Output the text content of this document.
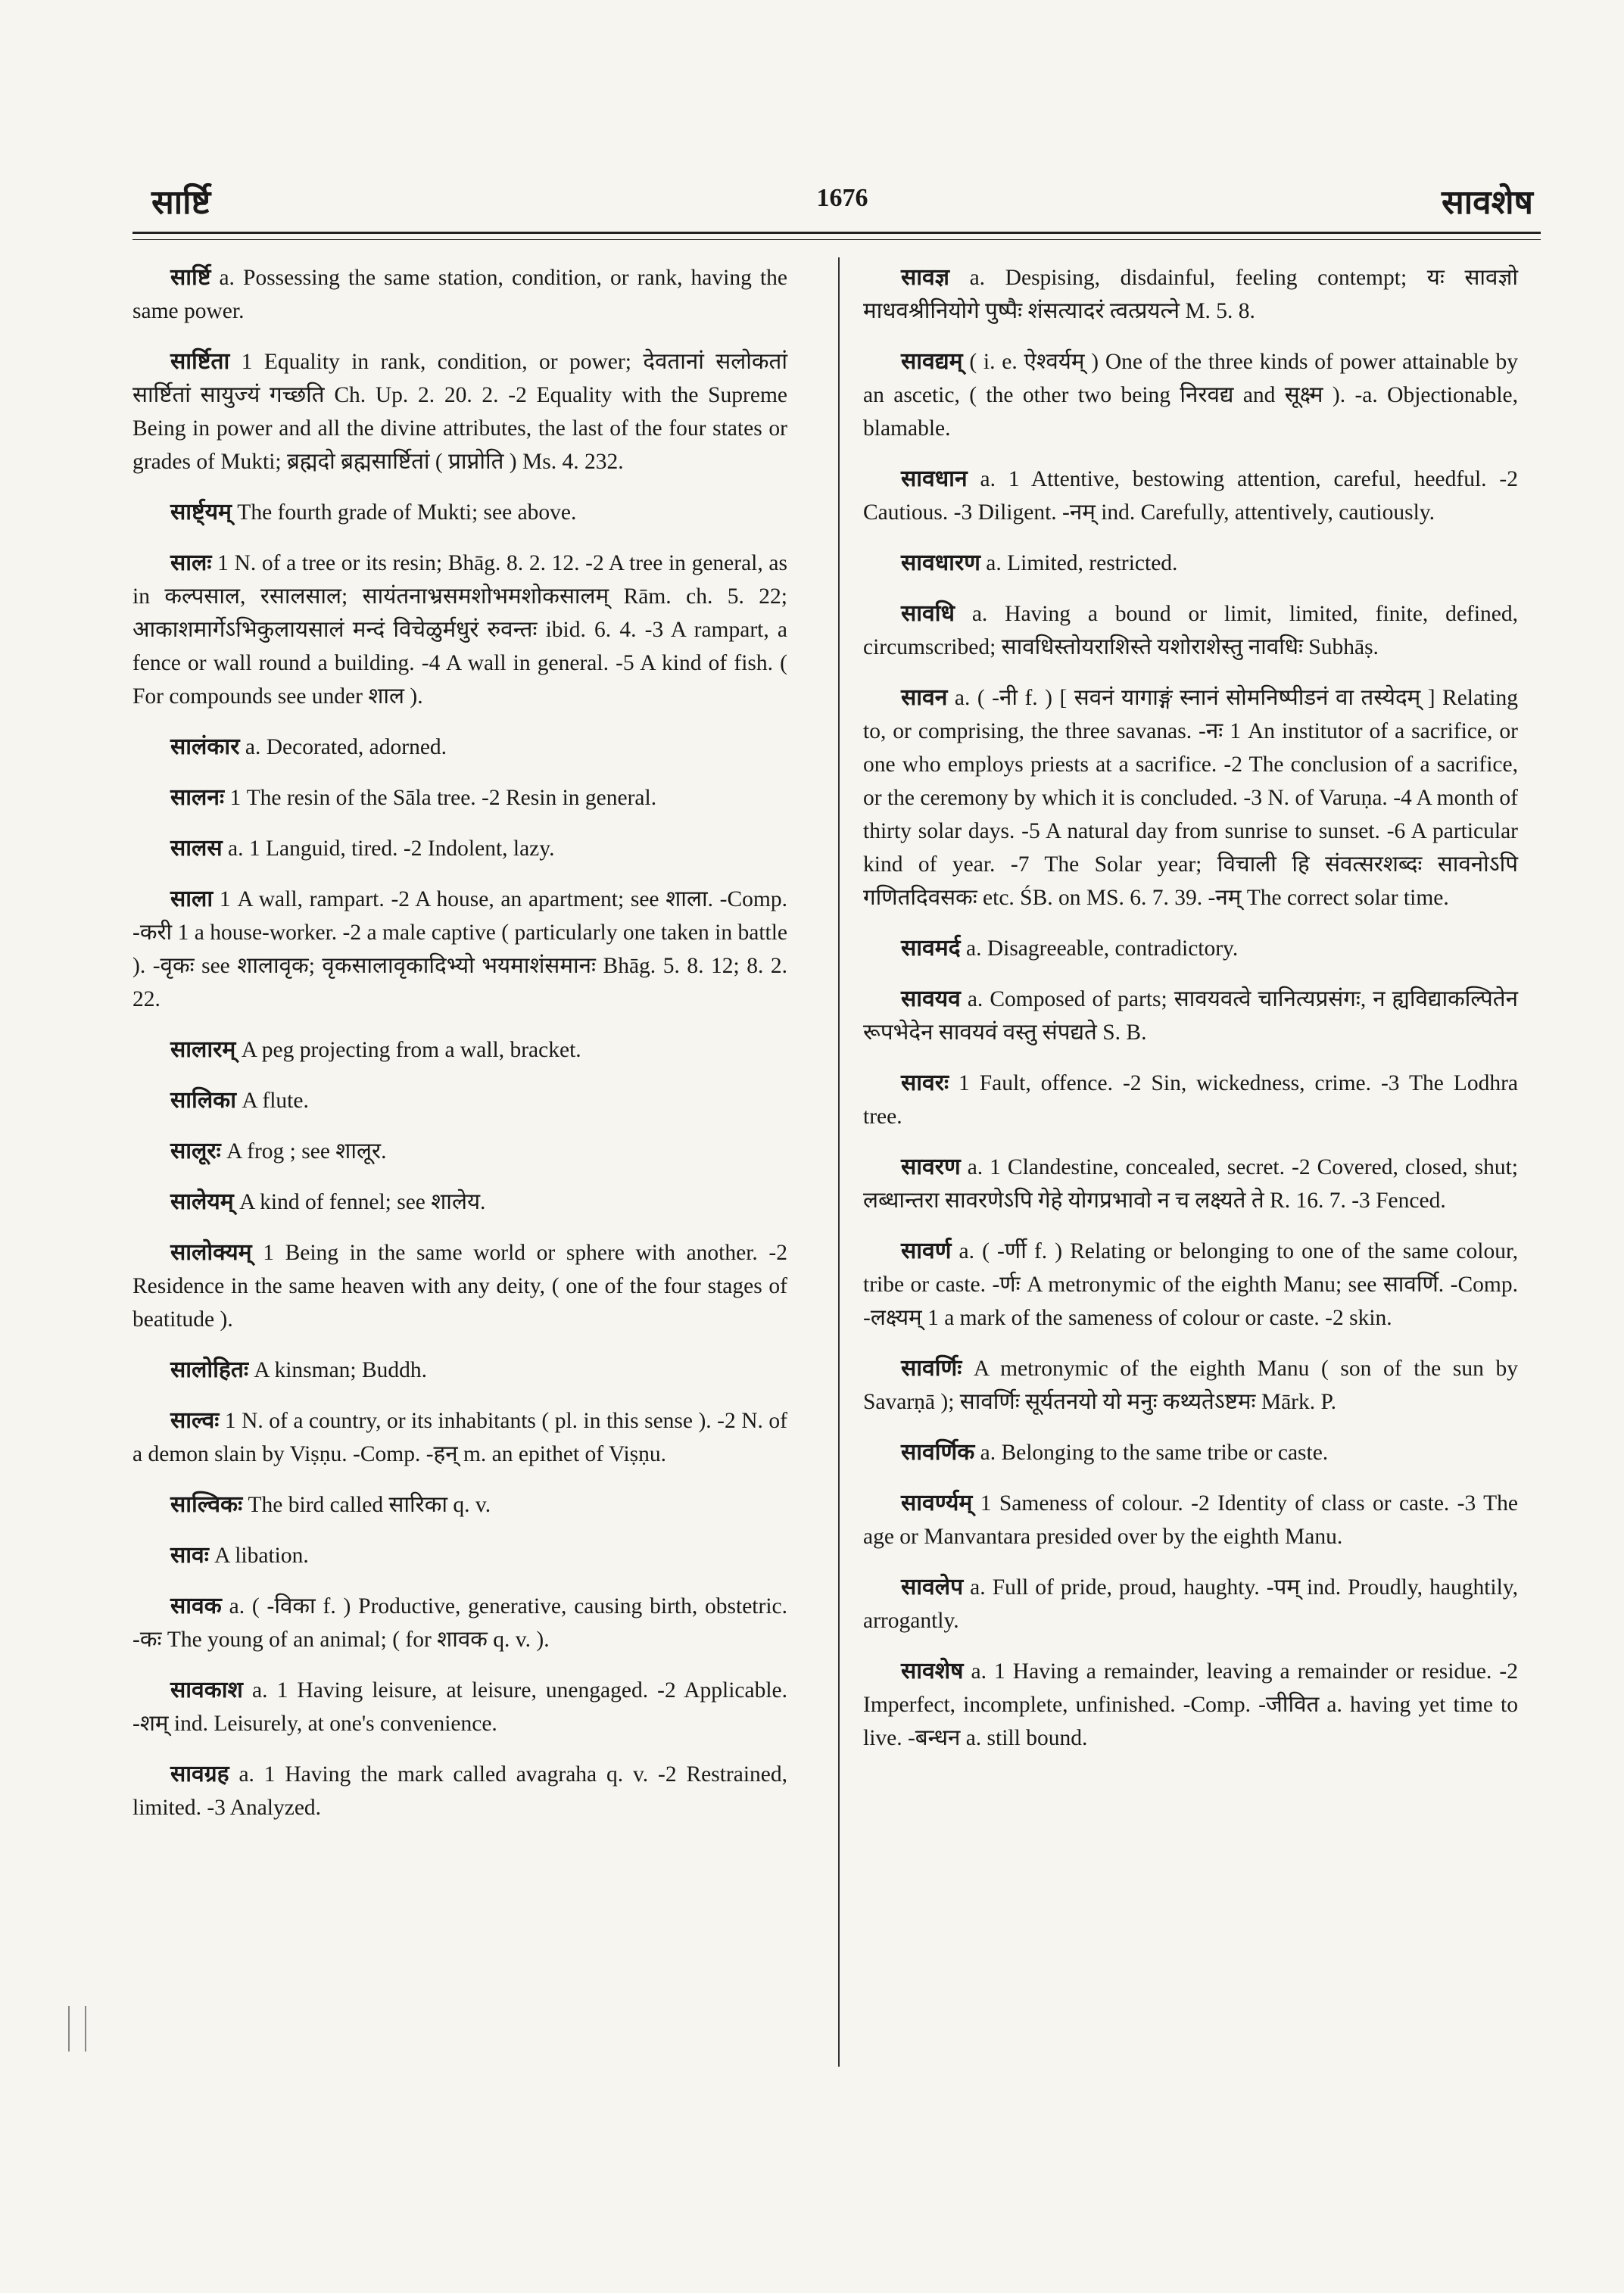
सार्ष्टि	1676	सावशेष

सार्ष्टि a. Possessing the same station, condition, or rank, having the same power.

सार्ष्टिता 1 Equality in rank, condition, or power; देवतानां सलोकतां सार्ष्टितां सायुज्यं गच्छति Ch. Up. 2. 20. 2. -2 Equality with the Supreme Being in power and all the divine attributes, the last of the four states or grades of Mukti; ब्रह्मदो ब्रह्मसार्ष्टितां ( प्राप्नोति ) Ms. 4. 232.

सार्ष्ट्यम् The fourth grade of Mukti; see above.

सालः 1 N. of a tree or its resin; Bhāg. 8. 2. 12. -2 A tree in general, as in कल्पसाल, रसालसाल; सायंतनाभ्रसमशोभमशोकसालम् Rām. ch. 5. 22; आकाशमार्गेऽभिकुलायसालं मन्दं विचेळुर्मधुरं रुवन्तः ibid. 6. 4. -3 A rampart, a fence or wall round a building. -4 A wall in general. -5 A kind of fish. ( For compounds see under शाल ).

सालंकार a. Decorated, adorned.

सालनः 1 The resin of the Sāla tree. -2 Resin in general.

सालस a. 1 Languid, tired. -2 Indolent, lazy.

साला 1 A wall, rampart. -2 A house, an apartment; see शाला. -Comp. -करी 1 a house-worker. -2 a male captive ( particularly one taken in battle ). -वृकः see शालावृक; वृकसालावृकादिभ्यो भयमाशंसमानः Bhāg. 5. 8. 12; 8. 2. 22.

सालारम् A peg projecting from a wall, bracket.

सालिका A flute.

सालूरः A frog ; see शालूर.

सालेयम् A kind of fennel; see शालेय.

सालोक्यम् 1 Being in the same world or sphere with another. -2 Residence in the same heaven with any deity, ( one of the four stages of beatitude ).

सालोहितः A kinsman; Buddh.

साल्वः 1 N. of a country, or its inhabitants ( pl. in this sense ). -2 N. of a demon slain by Viṣṇu. -Comp. -हन् m. an epithet of Viṣṇu.

साल्विकः The bird called सारिका q. v.

सावः A libation.

सावक a. ( -विका f. ) Productive, generative, causing birth, obstetric. -कः The young of an animal; ( for शावक q. v. ).

सावकाश a. 1 Having leisure, at leisure, unengaged. -2 Applicable. -शम् ind. Leisurely, at one's convenience.

सावग्रह a. 1 Having the mark called avagraha q. v. -2 Restrained, limited. -3 Analyzed.

सावज्ञ a. Despising, disdainful, feeling contempt; यः सावज्ञो माधवश्रीनियोगे पुष्पैः शंसत्यादरं त्वत्प्रयत्ने M. 5. 8.

सावद्यम् ( i. e. ऐश्वर्यम् ) One of the three kinds of power attainable by an ascetic, ( the other two being निरवद्य and सूक्ष्म ). -a. Objectionable, blamable.

सावधान a. 1 Attentive, bestowing attention, careful, heedful. -2 Cautious. -3 Diligent. -नम् ind. Carefully, attentively, cautiously.

सावधारण a. Limited, restricted.

सावधि a. Having a bound or limit, limited, finite, defined, circumscribed; सावधिस्तोयराशिस्ते यशोराशेस्तु नावधिः Subhāṣ.

सावन a. ( -नी f. ) [ सवनं यागाङ्गं स्नानं सोमनिष्पीडनं वा तस्येदम् ] Relating to, or comprising, the three savanas. -नः 1 An institutor of a sacrifice, or one who employs priests at a sacrifice. -2 The conclusion of a sacrifice, or the ceremony by which it is concluded. -3 N. of Varuṇa. -4 A month of thirty solar days. -5 A natural day from sunrise to sunset. -6 A particular kind of year. -7 The Solar year; विचाली हि संवत्सरशब्दः सावनोऽपि गणितदिवसकः etc. ŚB. on MS. 6. 7. 39. -नम् The correct solar time.

सावमर्द a. Disagreeable, contradictory.

सावयव a. Composed of parts; सावयवत्वे चानित्यप्रसंगः, न ह्यविद्याकल्पितेन रूपभेदेन सावयवं वस्तु संपद्यते S. B.

सावरः 1 Fault, offence. -2 Sin, wickedness, crime. -3 The Lodhra tree.

सावरण a. 1 Clandestine, concealed, secret. -2 Covered, closed, shut; लब्धान्तरा सावरणेऽपि गेहे योगप्रभावो न च लक्ष्यते ते R. 16. 7. -3 Fenced.

सावर्ण a. ( -र्णी f. ) Relating or belonging to one of the same colour, tribe or caste. -र्णः A metronymic of the eighth Manu; see सावर्णि. -Comp. -लक्ष्यम् 1 a mark of the sameness of colour or caste. -2 skin.

सावर्णिः A metronymic of the eighth Manu ( son of the sun by Savarṇā ); सावर्णिः सूर्यतनयो यो मनुः कथ्यतेऽष्टमः Mārk. P.

सावर्णिक a. Belonging to the same tribe or caste.

सावर्ण्यम् 1 Sameness of colour. -2 Identity of class or caste. -3 The age or Manvantara presided over by the eighth Manu.

सावलेप a. Full of pride, proud, haughty. -पम् ind. Proudly, haughtily, arrogantly.

सावशेष a. 1 Having a remainder, leaving a remainder or residue. -2 Imperfect, incomplete, unfinished. -Comp. -जीवित a. having yet time to live. -बन्धन a. still bound.
